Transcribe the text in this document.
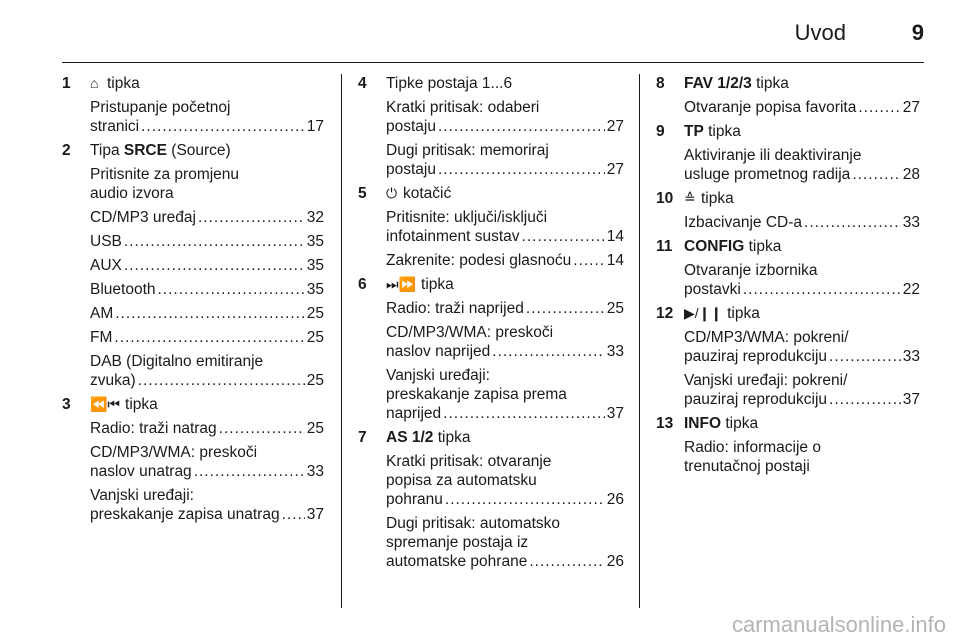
Uvod	9
1 ⌂ tipka
Pristupanje početnoj
stranici .....	17
2 Tipa SRCE (Source)
Pritisnite za promjenu
audio izvora
CD/MP3 uređaj .....	32
USB .....	35
AUX .....	35
Bluetooth .....	35
AM .....	25
FM .....	25
DAB (Digitalno emitiranje
zvuka) .....	25
3 ⏪⏮ tipka
Radio: traži natrag .....	25
CD/MP3/WMA: preskoči
naslov unatrag .....	33
Vanjski uređaji:
preskakanje zapisa unatrag ..... 37
4 Tipke postaja 1...6
Kratki pritisak: odaberi
postaju .....	27
Dugi pritisak: memoriraj
postaju .....	27
5 ⏻ kotačić
Pritisnite: uključi/isključi
infotainment sustav .....	14
Zakrenite: podesi glasnoću ..... 14
6 ⏭⏩ tipka
Radio: traži naprijed .....	25
CD/MP3/WMA: preskoči
naslov naprijed .....	33
Vanjski uređaji:
preskakanje zapisa prema
naprijed .....	37
7 AS 1/2 tipka
Kratki pritisak: otvaranje
popisa za automatsku
pohranu .....	26
Dugi pritisak: automatsko
spremanje postaja iz
automatske pohrane .....	26
8 FAV 1/2/3 tipka
Otvaranje popisa favorita .....	27
9 TP tipka
Aktiviranje ili deaktiviranje
usluge prometnog radija .....	28
10 ≙ tipka
Izbacivanje CD-a .....	33
11 CONFIG tipka
Otvaranje izbornika
postavki .....	22
12 ▶/❙❙ tipka
CD/MP3/WMA: pokreni/
pauziraj reprodukciju .....	33
Vanjski uređaji: pokreni/
pauziraj reprodukciju .....	37
13 INFO tipka
Radio: informacije o
trenutačnoj postaji
carmanualsonline.info
